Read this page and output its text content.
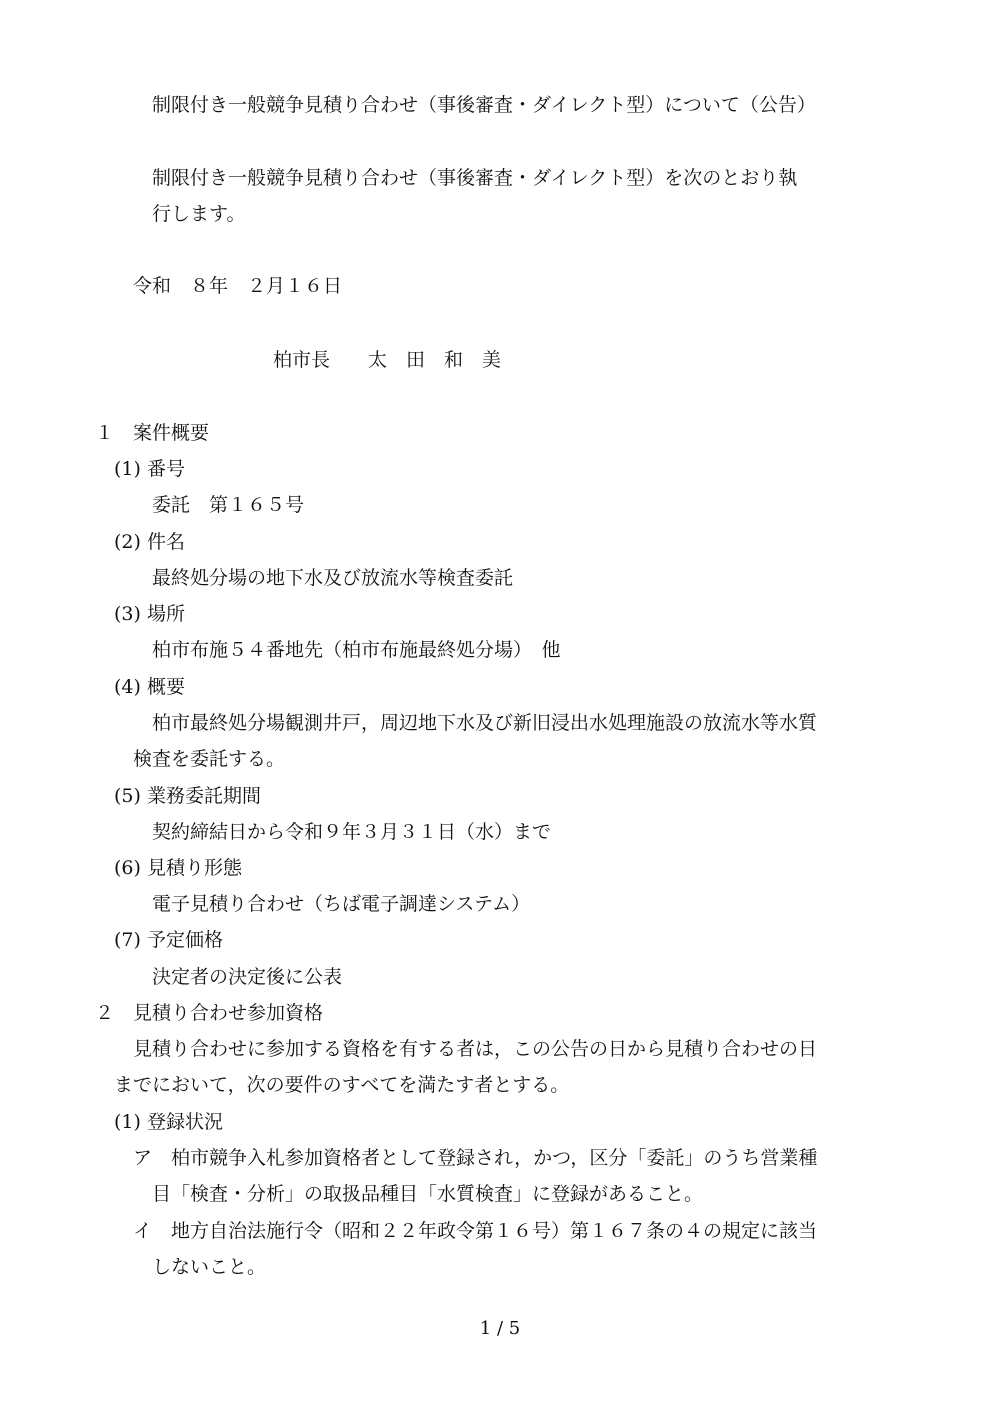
制限付き一般競争見積り合わせ（事後審査・ダイレクト型）について（公告）
制限付き一般競争見積り合わせ（事後審査・ダイレクト型）を次のとおり執
行します。
令和　８年　２月１６日
柏市長　　太　田　和　美
１　案件概要
(1) 番号
委託　第１６５号
(2) 件名
最終処分場の地下水及び放流水等検査委託
(3) 場所
柏市布施５４番地先（柏市布施最終処分場）　他
(4) 概要
柏市最終処分場観測井戸，周辺地下水及び新旧浸出水処理施設の放流水等水質
検査を委託する。
(5) 業務委託期間
契約締結日から令和９年３月３１日（水）まで
(6) 見積り形態
電子見積り合わせ（ちば電子調達システム）
(7) 予定価格
決定者の決定後に公表
２　見積り合わせ参加資格
見積り合わせに参加する資格を有する者は，この公告の日から見積り合わせの日
までにおいて，次の要件のすべてを満たす者とする。
(1) 登録状況
ア　柏市競争入札参加資格者として登録され，かつ，区分「委託」のうち営業種
目「検査・分析」の取扱品種目「水質検査」に登録があること。
イ　地方自治法施行令（昭和２２年政令第１６号）第１６７条の４の規定に該当
しないこと。
1 / 5
